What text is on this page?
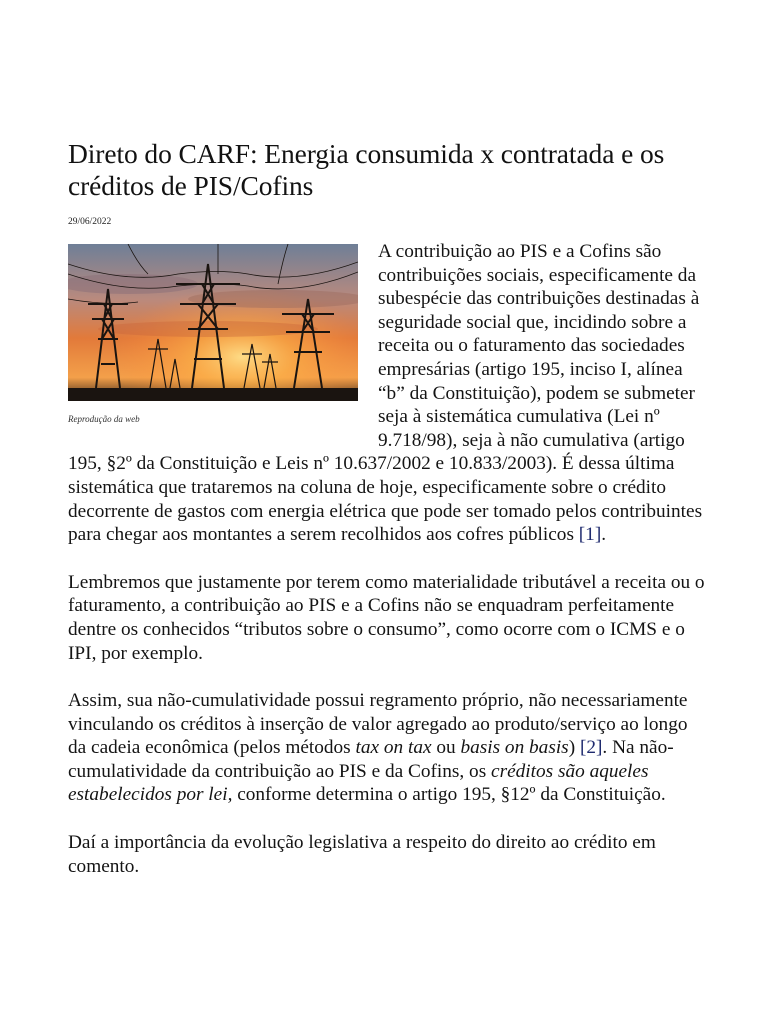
Direto do CARF: Energia consumida x contratada e os créditos de PIS/Cofins
29/06/2022
Reprodução da web

A contribuição ao PIS e a Cofins são contribuições sociais, especificamente da subespécie das contribuições destinadas à seguridade social que, incidindo sobre a receita ou o faturamento das sociedades empresárias (artigo 195, inciso I, alínea “b” da Constituição), podem se submeter seja à sistemática cumulativa (Lei nº 9.718/98), seja à não cumulativa (artigo 195, §2º da Constituição e Leis nº 10.637/2002 e 10.833/2003). É dessa última sistemática que trataremos na coluna de hoje, especificamente sobre o crédito decorrente de gastos com energia elétrica que pode ser tomado pelos contribuintes para chegar aos montantes a serem recolhidos aos cofres públicos [1].

Lembremos que justamente por terem como materialidade tributável a receita ou o faturamento, a contribuição ao PIS e a Cofins não se enquadram perfeitamente dentre os conhecidos “tributos sobre o consumo”, como ocorre com o ICMS e o IPI, por exemplo.

Assim, sua não-cumulatividade possui regramento próprio, não necessariamente vinculando os créditos à inserção de valor agregado ao produto/serviço ao longo da cadeia econômica (pelos métodos tax on tax ou basis on basis) [2]. Na não-cumulatividade da contribuição ao PIS e da Cofins, os créditos são aqueles estabelecidos por lei, conforme determina o artigo 195, §12º da Constituição.

Daí a importância da evolução legislativa a respeito do direito ao crédito em comento.
